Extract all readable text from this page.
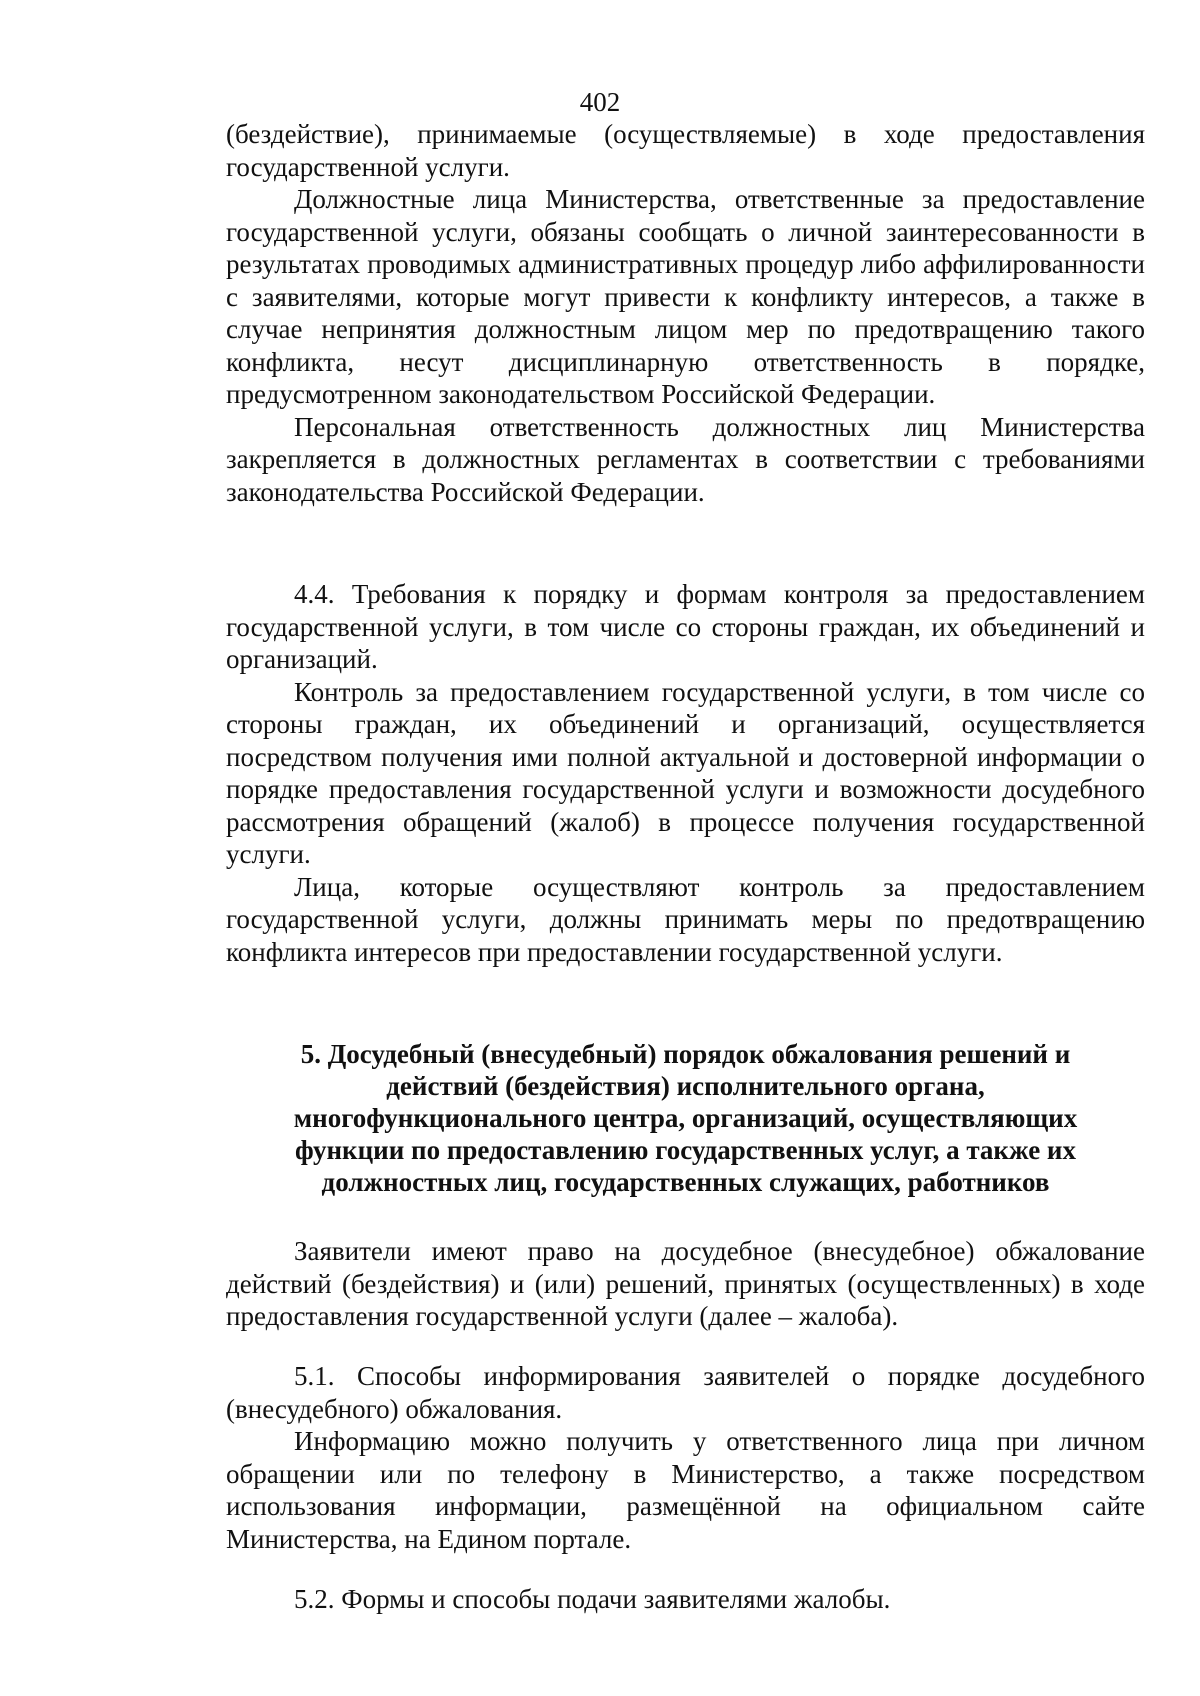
402

(бездействие), принимаемые (осуществляемые) в ходе предоставления государственной услуги.

Должностные лица Министерства, ответственные за предоставление государственной услуги, обязаны сообщать о личной заинтересованности в результатах проводимых административных процедур либо аффилированности с заявителями, которые могут привести к конфликту интересов, а также в случае непринятия должностным лицом мер по предотвращению такого конфликта, несут дисциплинарную ответственность в порядке, предусмотренном законодательством Российской Федерации.

Персональная ответственность должностных лиц Министерства закрепляется в должностных регламентах в соответствии с требованиями законодательства Российской Федерации.

4.4. Требования к порядку и формам контроля за предоставлением государственной услуги, в том числе со стороны граждан, их объединений и организаций.

Контроль за предоставлением государственной услуги, в том числе со стороны граждан, их объединений и организаций, осуществляется посредством получения ими полной актуальной и достоверной информации о порядке предоставления государственной услуги и возможности досудебного рассмотрения обращений (жалоб) в процессе получения государственной услуги.

Лица, которые осуществляют контроль за предоставлением государственной услуги, должны принимать меры по предотвращению конфликта интересов при предоставлении государственной услуги.

5. Досудебный (внесудебный) порядок обжалования решений и
действий (бездействия) исполнительного органа,
многофункционального центра, организаций, осуществляющих
функции по предоставлению государственных услуг, а также их
должностных лиц, государственных служащих, работников

Заявители имеют право на досудебное (внесудебное) обжалование действий (бездействия) и (или) решений, принятых (осуществленных) в ходе предоставления государственной услуги (далее – жалоба).

5.1. Способы информирования заявителей о порядке досудебного (внесудебного) обжалования.

Информацию можно получить у ответственного лица при личном обращении или по телефону в Министерство, а также посредством использования информации, размещённой на официальном сайте Министерства, на Едином портале.

5.2. Формы и способы подачи заявителями жалобы.
